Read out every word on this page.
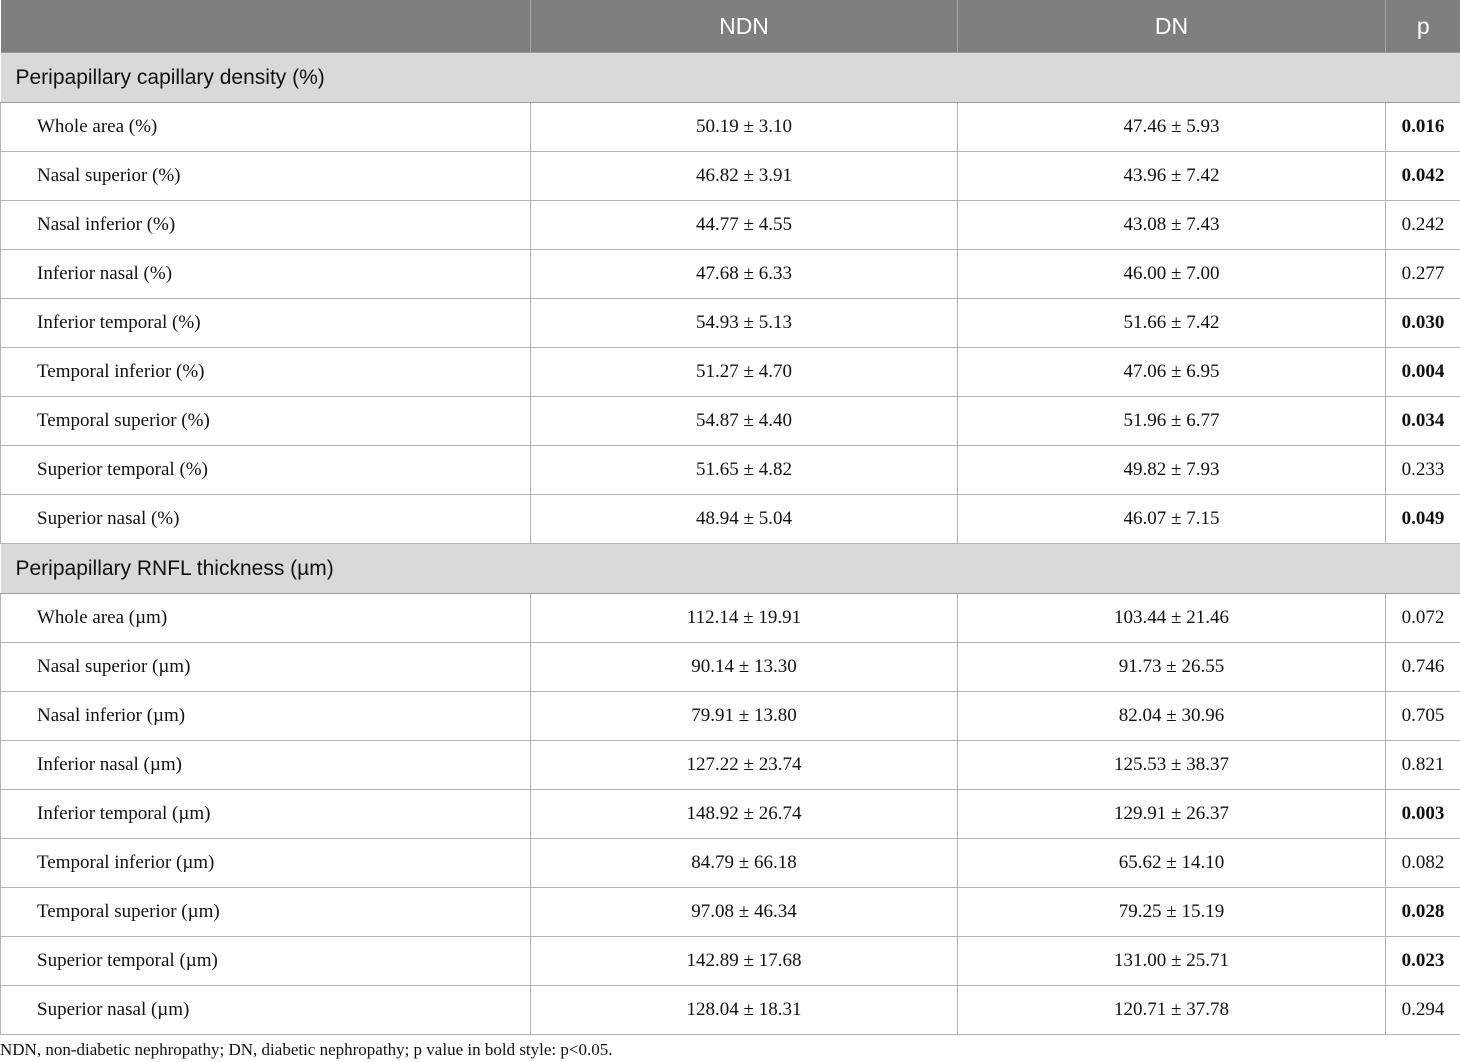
	NDN	DN	p
Peripapillary capillary density (%)			
Whole area (%)	50.19 ± 3.10	47.46 ± 5.93	0.016
Nasal superior (%)	46.82 ± 3.91	43.96 ± 7.42	0.042
Nasal inferior (%)	44.77 ± 4.55	43.08 ± 7.43	0.242
Inferior nasal (%)	47.68 ± 6.33	46.00 ± 7.00	0.277
Inferior temporal (%)	54.93 ± 5.13	51.66 ± 7.42	0.030
Temporal inferior (%)	51.27 ± 4.70	47.06 ± 6.95	0.004
Temporal superior (%)	54.87 ± 4.40	51.96 ± 6.77	0.034
Superior temporal (%)	51.65 ± 4.82	49.82 ± 7.93	0.233
Superior nasal (%)	48.94 ± 5.04	46.07 ± 7.15	0.049
Peripapillary RNFL thickness (µm)			
Whole area (µm)	112.14 ± 19.91	103.44 ± 21.46	0.072
Nasal superior (µm)	90.14 ± 13.30	91.73 ± 26.55	0.746
Nasal inferior (µm)	79.91 ± 13.80	82.04 ± 30.96	0.705
Inferior nasal (µm)	127.22 ± 23.74	125.53 ± 38.37	0.821
Inferior temporal (µm)	148.92 ± 26.74	129.91 ± 26.37	0.003
Temporal inferior (µm)	84.79 ± 66.18	65.62 ± 14.10	0.082
Temporal superior (µm)	97.08 ± 46.34	79.25 ± 15.19	0.028
Superior temporal (µm)	142.89 ± 17.68	131.00 ± 25.71	0.023
Superior nasal (µm)	128.04 ± 18.31	120.71 ± 37.78	0.294
NDN, non-diabetic nephropathy; DN, diabetic nephropathy; p value in bold style: p<0.05.
